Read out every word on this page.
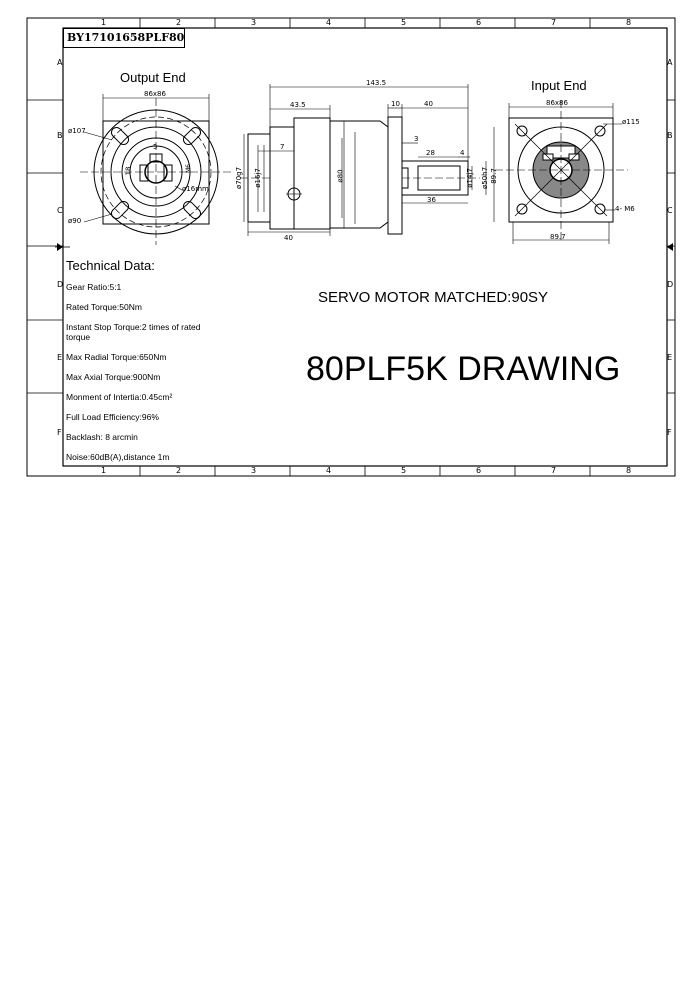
BY17101658PLF80
1	2	3	4	5	6	7	8
1	2	3	4	5	6	7	8
A
B
C
D
E
F
A
B
C
D
E
F
Output End
Input End
86x86
ø107
ø90
ø16mm
M6
5
18
143.5
43.5	10	40
7
3
28	4
36
40
ø70g7 ø16j7	ø80	ø14j7 ø50h7 89.7
86x86
ø115
4- M6
89.7
Technical Data:
Gear Ratio:5:1
Rated Torque:50Nm
Instant Stop Torque:2 times of rated torque
Max Radial Torque:650Nm
Max Axial Torque:900Nm
Monment of Intertia:0.45cm²
Full Load Efficiency:96%
Backlash: 8 arcmin
Noise:60dB(A),distance 1m
SERVO MOTOR MATCHED:90SY
80PLF5K DRAWING
